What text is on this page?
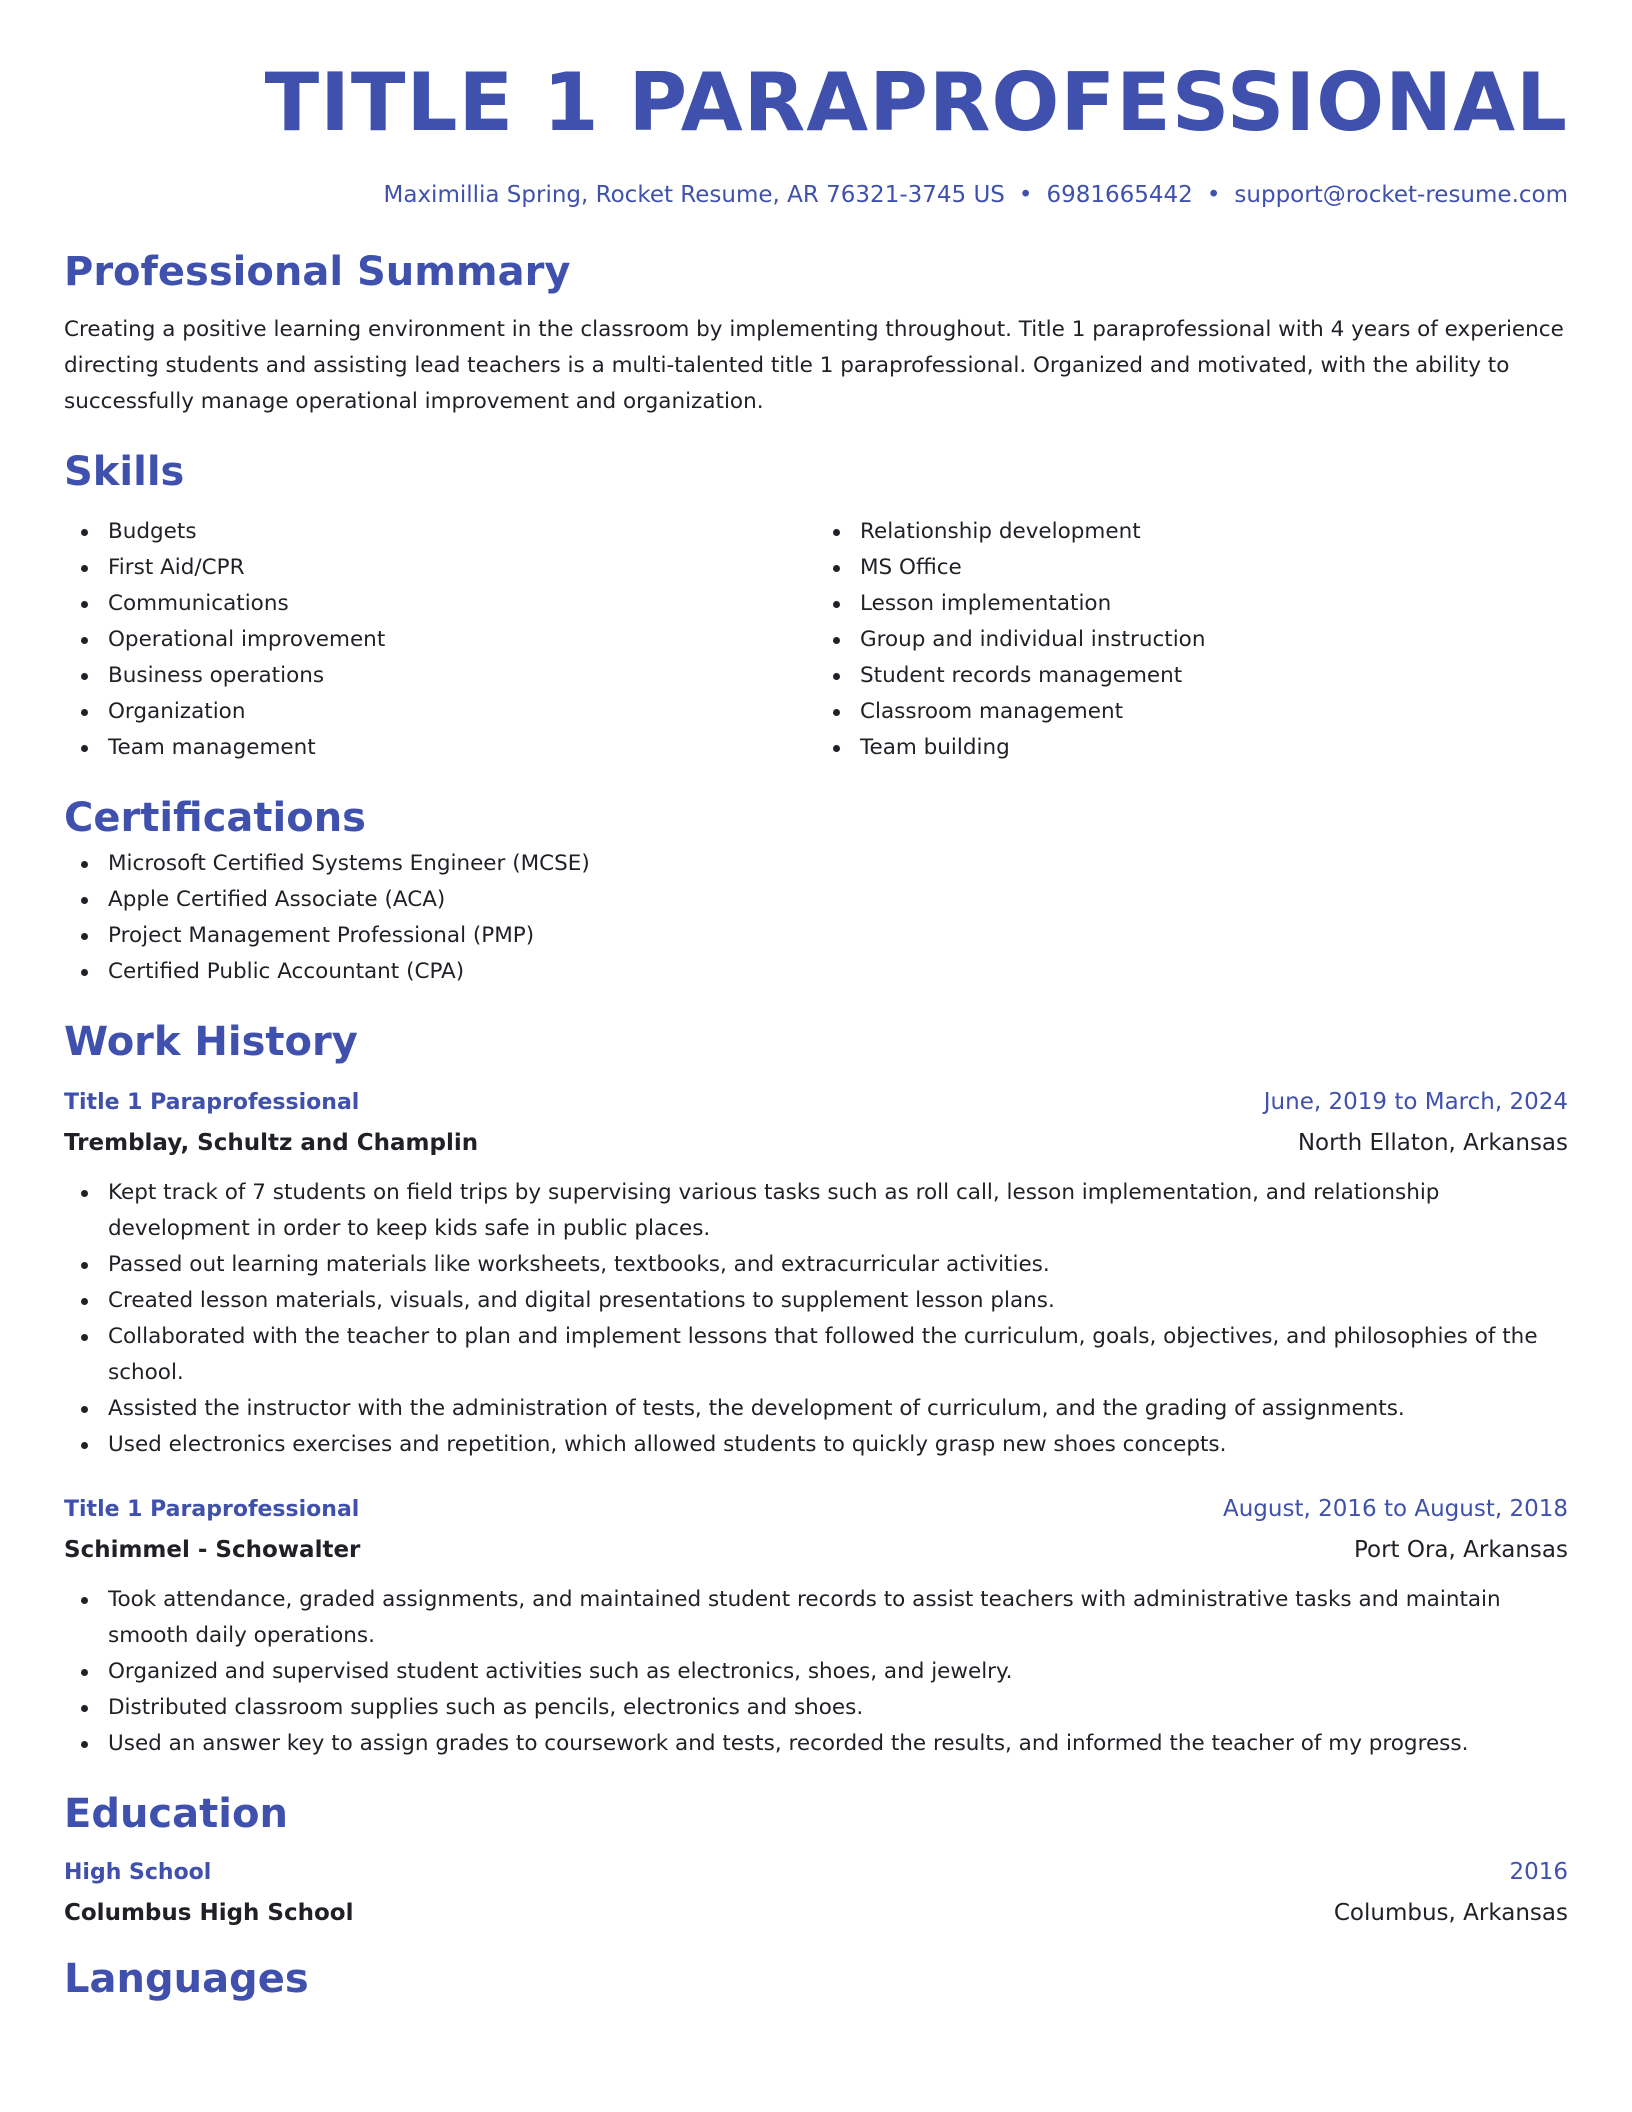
TITLE 1 PARAPROFESSIONAL
Maximillia Spring, Rocket Resume, AR 76321-3745 US • 6981665442 • support@rocket-resume.com
Professional Summary
Creating a positive learning environment in the classroom by implementing throughout. Title 1 paraprofessional with 4 years of experience directing students and assisting lead teachers is a multi-talented title 1 paraprofessional. Organized and motivated, with the ability to successfully manage operational improvement and organization.
Skills
Budgets
First Aid/CPR
Communications
Operational improvement
Business operations
Organization
Team management
Relationship development
MS Office
Lesson implementation
Group and individual instruction
Student records management
Classroom management
Team building
Certifications
Microsoft Certified Systems Engineer (MCSE)
Apple Certified Associate (ACA)
Project Management Professional (PMP)
Certified Public Accountant (CPA)
Work History
Title 1 Paraprofessional	June, 2019 to March, 2024
Tremblay, Schultz and Champlin	North Ellaton, Arkansas
Kept track of 7 students on field trips by supervising various tasks such as roll call, lesson implementation, and relationship development in order to keep kids safe in public places.
Passed out learning materials like worksheets, textbooks, and extracurricular activities.
Created lesson materials, visuals, and digital presentations to supplement lesson plans.
Collaborated with the teacher to plan and implement lessons that followed the curriculum, goals, objectives, and philosophies of the school.
Assisted the instructor with the administration of tests, the development of curriculum, and the grading of assignments.
Used electronics exercises and repetition, which allowed students to quickly grasp new shoes concepts.
Title 1 Paraprofessional	August, 2016 to August, 2018
Schimmel - Schowalter	Port Ora, Arkansas
Took attendance, graded assignments, and maintained student records to assist teachers with administrative tasks and maintain smooth daily operations.
Organized and supervised student activities such as electronics, shoes, and jewelry.
Distributed classroom supplies such as pencils, electronics and shoes.
Used an answer key to assign grades to coursework and tests, recorded the results, and informed the teacher of my progress.
Education
High School	2016
Columbus High School	Columbus, Arkansas
Languages
